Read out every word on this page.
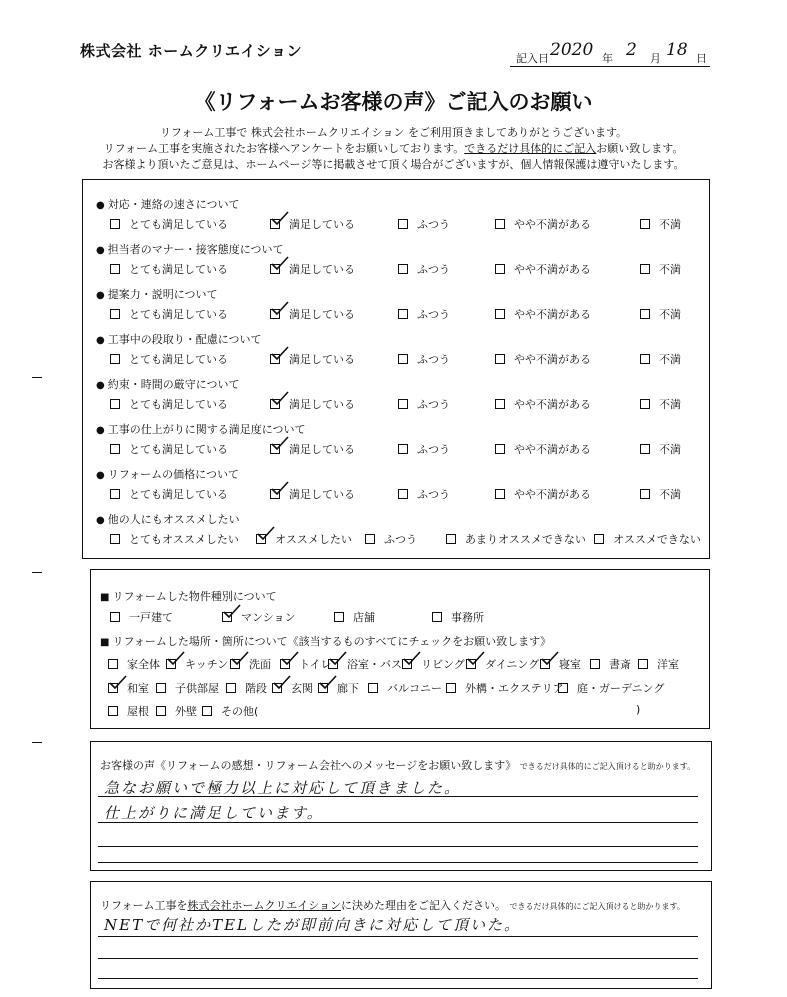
株式会社 ホームクリエイション	記入日 2020 年 2 月 18 日
《リフォームお客様の声》ご記入のお願い
リフォーム工事で 株式会社ホームクリエイション をご利用頂きましてありがとうございます。
リフォーム工事を実施されたお客様へアンケートをお願いしております。できるだけ具体的にご記入お願い致します。
お客様より頂いたご意見は、ホームページ等に掲載させて頂く場合がございますが、個人情報保護は遵守いたします。
● 対応・連絡の速さについて
とても満足している	満足している	ふつう	やや不満がある	不満
● 担当者のマナー・接客態度について
とても満足している	満足している	ふつう	やや不満がある	不満
● 提案力・説明について
とても満足している	満足している	ふつう	やや不満がある	不満
● 工事中の段取り・配慮について
とても満足している	満足している	ふつう	やや不満がある	不満
● 約束・時間の厳守について
とても満足している	満足している	ふつう	やや不満がある	不満
● 工事の仕上がりに関する満足度について
とても満足している	満足している	ふつう	やや不満がある	不満
● リフォームの価格について
とても満足している	満足している	ふつう	やや不満がある	不満
● 他の人にもオススメしたい
とてもオススメしたい	オススメしたい	ふつう	あまりオススメできない	オススメできない
■ リフォームした物件種別について
一戸建て	マンション	店舗	事務所
■ リフォームした場所・箇所について《該当するものすべてにチェックをお願い致します》
家全体	キッチン	洗面	トイレ	浴室・バス	リビング	ダイニング	寝室	書斎	洋室
和室	子供部屋	階段	玄関	廊下	バルコニー	外構・エクステリア	庭・ガーデニング
屋根	外壁	その他(	)
お客様の声《リフォームの感想・リフォーム会社へのメッセージをお願い致します》 できるだけ具体的にご記入頂けると助かります。
急なお願いで極力以上に対応して頂きました。
仕上がりに満足しています。
リフォーム工事を株式会社ホームクリエイションに決めた理由をご記入ください。 できるだけ具体的にご記入頂けると助かります。
NETで何社かTELしたが即前向きに対応して頂いた。
